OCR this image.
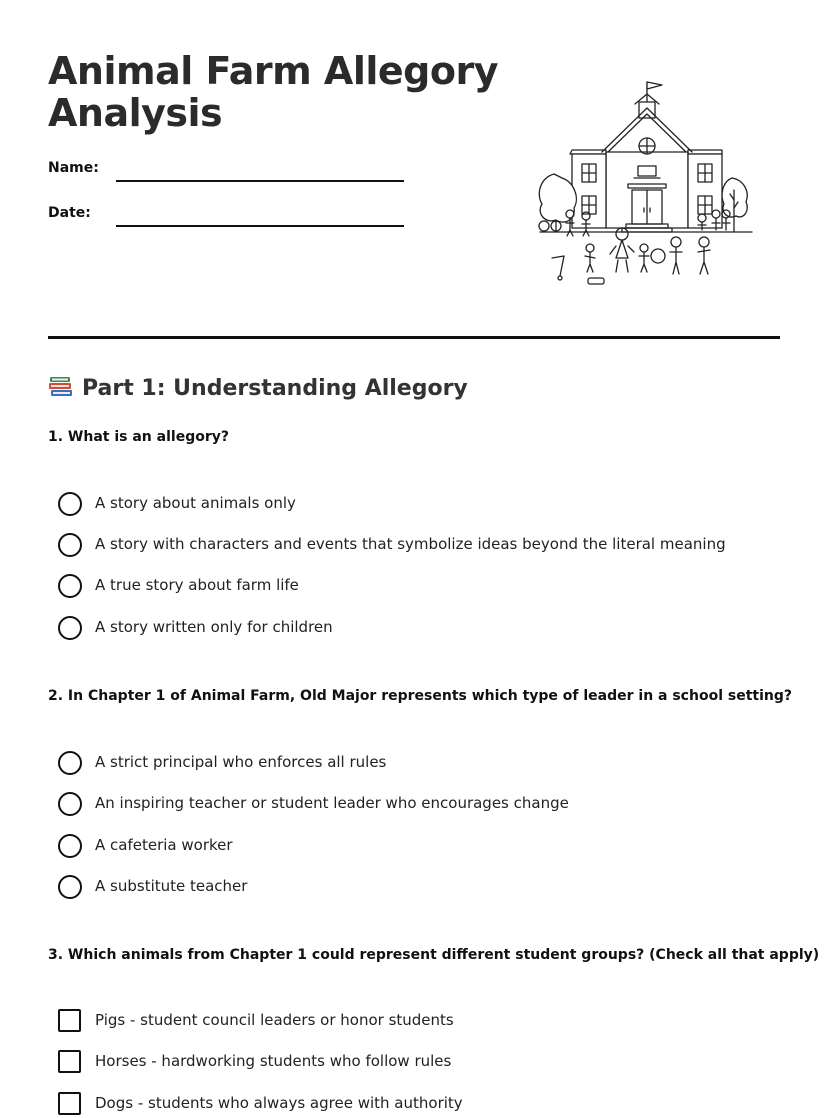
Animal Farm Allegory Analysis
Name:
Date:
Part 1: Understanding Allegory
1. What is an allegory?
A story about animals only
A story with characters and events that symbolize ideas beyond the literal meaning
A true story about farm life
A story written only for children
2. In Chapter 1 of Animal Farm, Old Major represents which type of leader in a school setting?
A strict principal who enforces all rules
An inspiring teacher or student leader who encourages change
A cafeteria worker
A substitute teacher
3. Which animals from Chapter 1 could represent different student groups? (Check all that apply)
Pigs - student council leaders or honor students
Horses - hardworking students who follow rules
Dogs - students who always agree with authority
